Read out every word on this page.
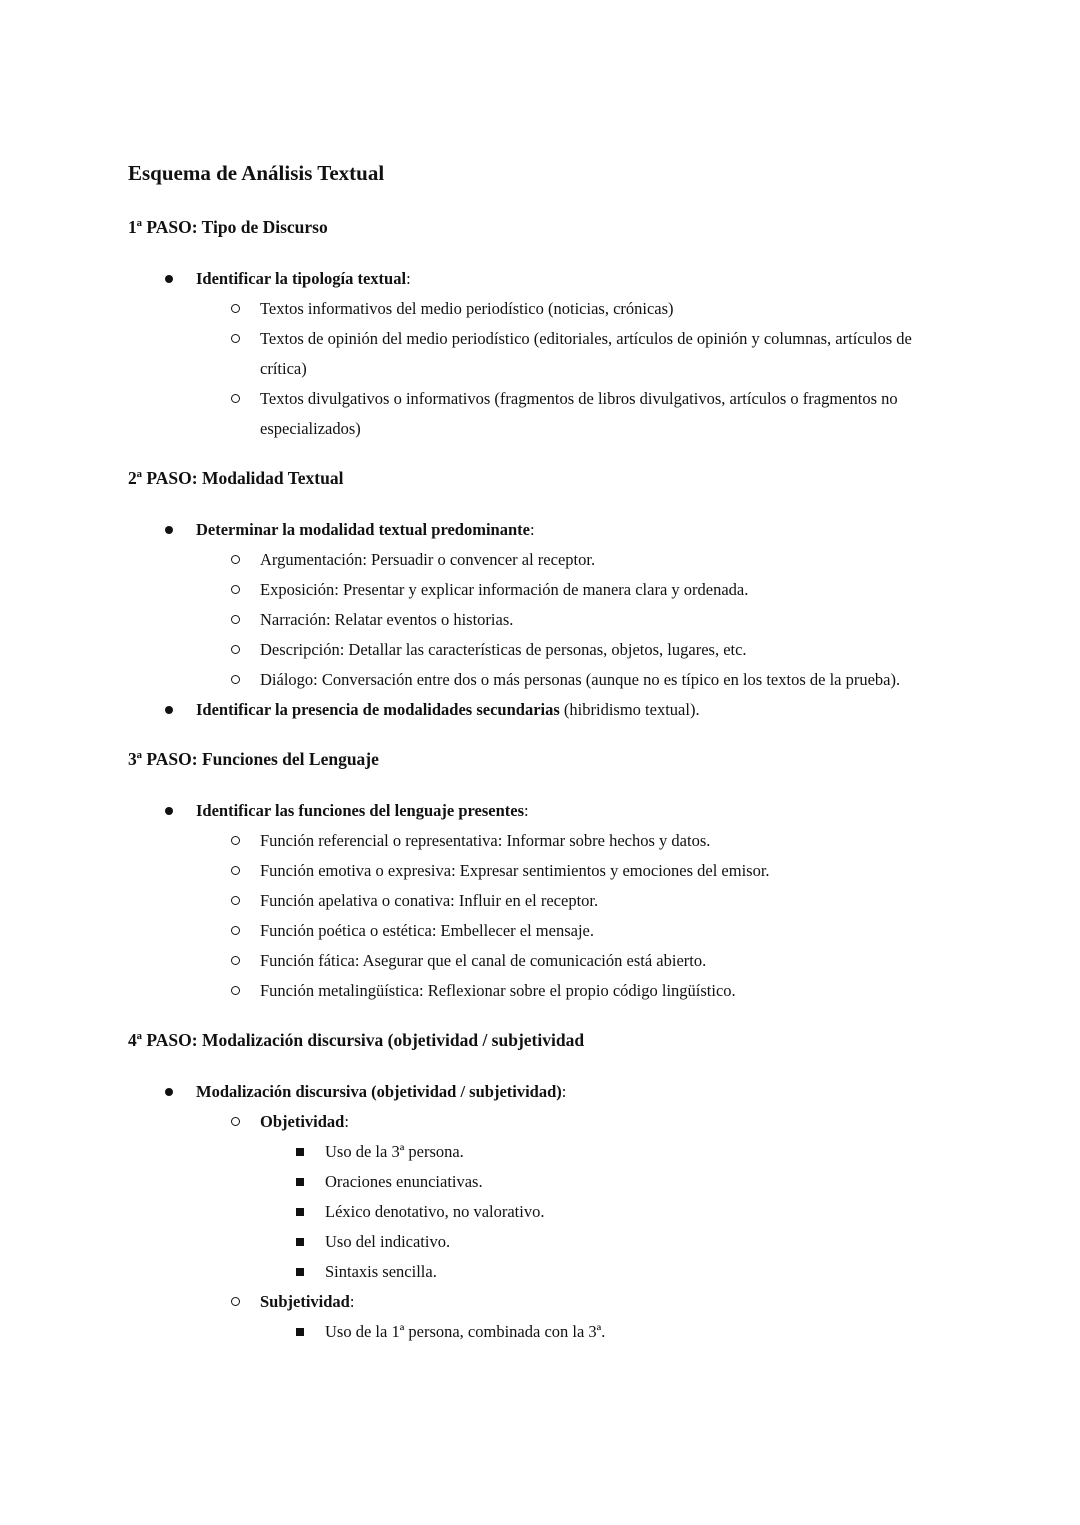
Esquema de Análisis Textual
1ª PASO: Tipo de Discurso
Identificar la tipología textual:
Textos informativos del medio periodístico (noticias, crónicas)
Textos de opinión del medio periodístico (editoriales, artículos de opinión y columnas, artículos de crítica)
Textos divulgativos o informativos (fragmentos de libros divulgativos, artículos o fragmentos no especializados)
2ª PASO: Modalidad Textual
Determinar la modalidad textual predominante:
Argumentación: Persuadir o convencer al receptor.
Exposición: Presentar y explicar información de manera clara y ordenada.
Narración: Relatar eventos o historias.
Descripción: Detallar las características de personas, objetos, lugares, etc.
Diálogo: Conversación entre dos o más personas (aunque no es típico en los textos de la prueba).
Identificar la presencia de modalidades secundarias (hibridismo textual).
3ª PASO: Funciones del Lenguaje
Identificar las funciones del lenguaje presentes:
Función referencial o representativa: Informar sobre hechos y datos.
Función emotiva o expresiva: Expresar sentimientos y emociones del emisor.
Función apelativa o conativa: Influir en el receptor.
Función poética o estética: Embellecer el mensaje.
Función fática: Asegurar que el canal de comunicación está abierto.
Función metalingüística: Reflexionar sobre el propio código lingüístico.
4ª PASO: Modalización discursiva (objetividad / subjetividad
Modalización discursiva (objetividad / subjetividad):
Objetividad:
Uso de la 3ª persona.
Oraciones enunciativas.
Léxico denotativo, no valorativo.
Uso del indicativo.
Sintaxis sencilla.
Subjetividad:
Uso de la 1ª persona, combinada con la 3ª.
